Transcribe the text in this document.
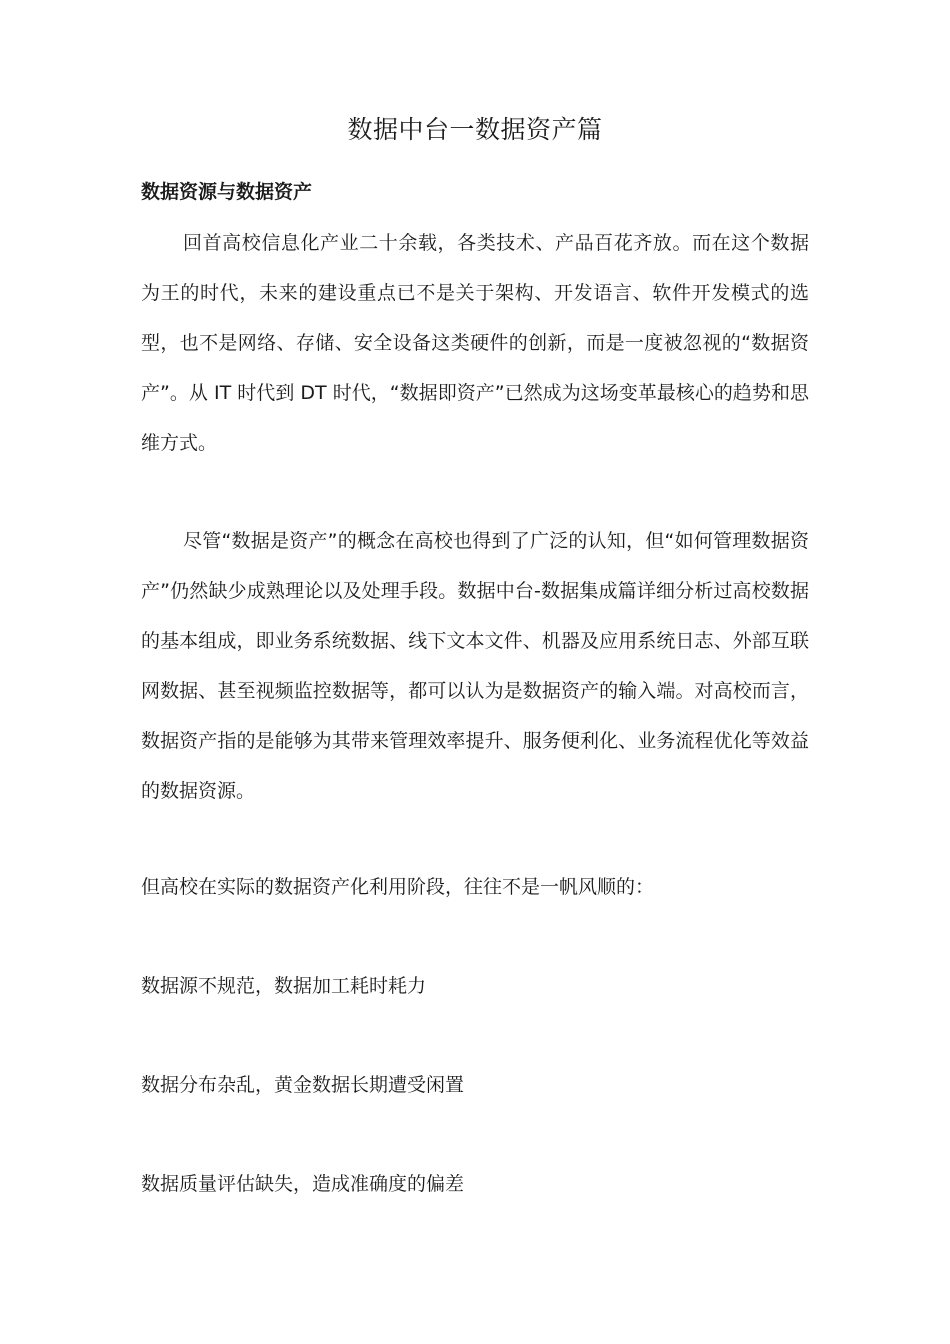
数据中台一数据资产篇
数据资源与数据资产
回首高校信息化产业二十余载，各类技术、产品百花齐放。而在这个数据为王的时代，未来的建设重点已不是关于架构、开发语言、软件开发模式的选型，也不是网络、存储、安全设备这类硬件的创新，而是一度被忽视的“数据资产”。从 IT 时代到 DT 时代，“数据即资产”已然成为这场变革最核心的趋势和思维方式。
尽管“数据是资产”的概念在高校也得到了广泛的认知，但“如何管理数据资产”仍然缺少成熟理论以及处理手段。数据中台-数据集成篇详细分析过高校数据的基本组成，即业务系统数据、线下文本文件、机器及应用系统日志、外部互联网数据、甚至视频监控数据等，都可以认为是数据资产的输入端。对高校而言，数据资产指的是能够为其带来管理效率提升、服务便利化、业务流程优化等效益的数据资源。
但高校在实际的数据资产化利用阶段，往往不是一帆风顺的：
数据源不规范，数据加工耗时耗力
数据分布杂乱，黄金数据长期遭受闲置
数据质量评估缺失，造成准确度的偏差
